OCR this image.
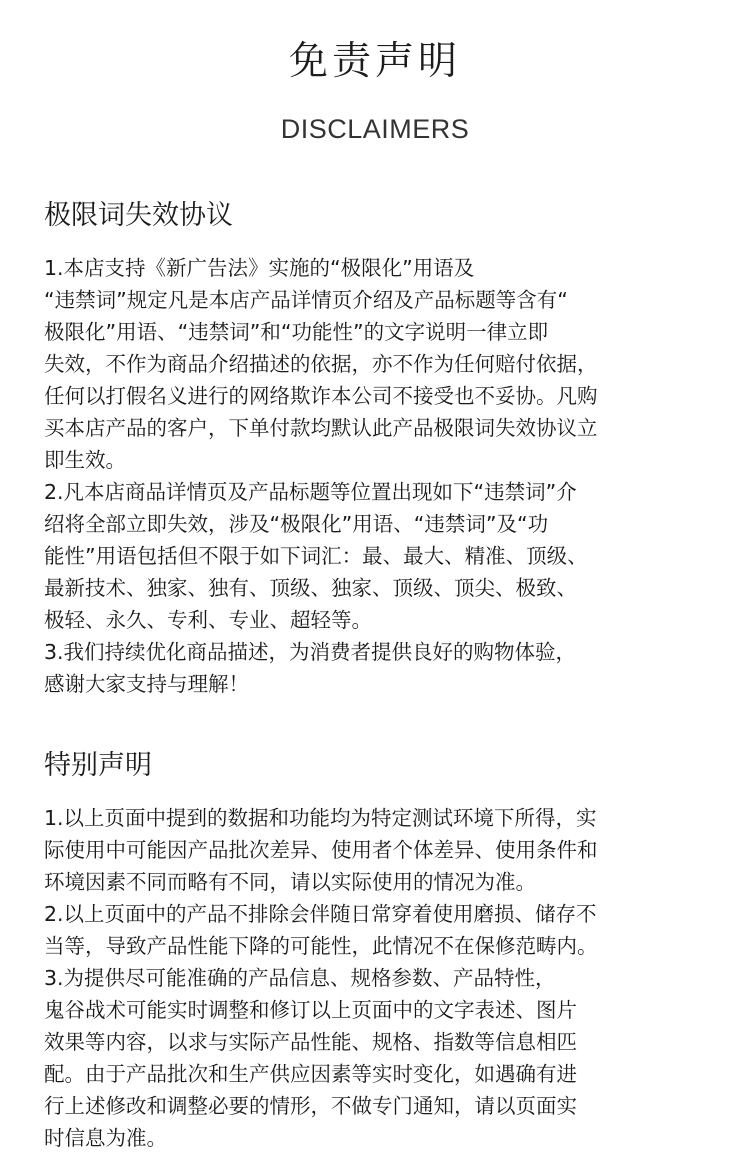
免责声明
DISCLAIMERS
极限词失效协议
1.本店支持《新广告法》实施的“极限化”用语及
“违禁词”规定凡是本店产品详情页介绍及产品标题等含有“
极限化”用语、“违禁词”和“功能性”的文字说明一律立即
失效，不作为商品介绍描述的依据，亦不作为任何赔付依据，
任何以打假名义进行的网络欺诈本公司不接受也不妥协。凡购
买本店产品的客户，下单付款均默认此产品极限词失效协议立
即生效。
2.凡本店商品详情页及产品标题等位置出现如下“违禁词”介
绍将全部立即失效，涉及“极限化”用语、“违禁词”及“功
能性”用语包括但不限于如下词汇：最、最大、精准、顶级、
最新技术、独家、独有、顶级、独家、顶级、顶尖、极致、
极轻、永久、专利、专业、超轻等。
3.我们持续优化商品描述，为消费者提供良好的购物体验，
感谢大家支持与理解！
特别声明
1.以上页面中提到的数据和功能均为特定测试环境下所得，实
际使用中可能因产品批次差异、使用者个体差异、使用条件和
环境因素不同而略有不同，请以实际使用的情况为准。
2.以上页面中的产品不排除会伴随日常穿着使用磨损、储存不
当等，导致产品性能下降的可能性，此情况不在保修范畴内。
3.为提供尽可能准确的产品信息、规格参数、产品特性，
鬼谷战术可能实时调整和修订以上页面中的文字表述、图片
效果等内容，以求与实际产品性能、规格、指数等信息相匹
配。由于产品批次和生产供应因素等实时变化，如遇确有进
行上述修改和调整必要的情形，不做专门通知，请以页面实
时信息为准。
